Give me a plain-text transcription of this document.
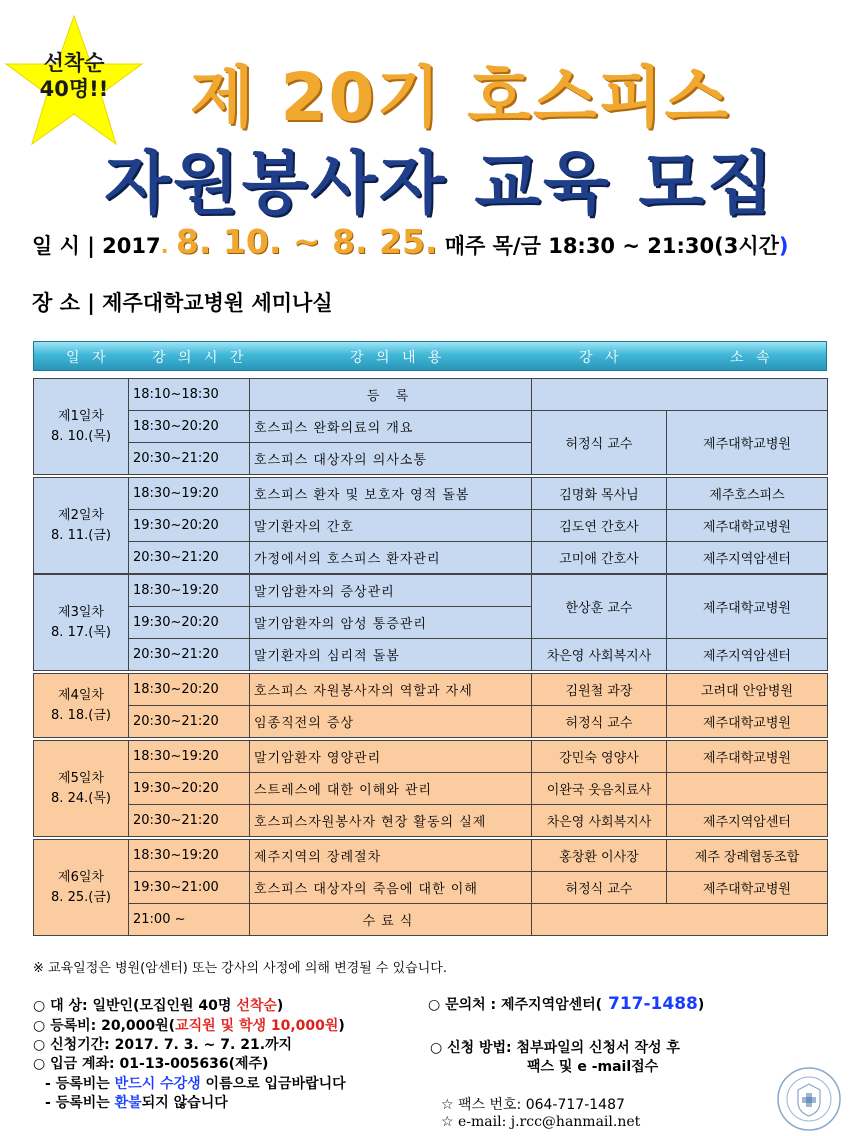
선착순
40명!!	제 20기 호스피스
자원봉사자 교육 모집
일 시 | 2017. 8. 10. ~ 8. 25. 매주 목/금 18:30 ~ 21:30(3시간)
장 소 | 제주대학교병원 세미나실
일 자	강 의 시 간	강 의 내 용	강 사	소 속
제1일차
8. 10.(목)	18:10~18:30	등 록		
	18:30~20:20	호스피스 완화의료의 개요	허정식 교수	제주대학교병원
	20:30~21:20	호스피스 대상자의 의사소통		
제2일차
8. 11.(금)	18:30~19:20	호스피스 환자 및 보호자 영적 돌봄	김명화 목사님	제주호스피스
	19:30~20:20	말기환자의 간호	김도연 간호사	제주대학교병원
	20:30~21:20	가정에서의 호스피스 환자관리	고미애 간호사	제주지역암센터
제3일차
8. 17.(목)	18:30~19:20	말기암환자의 증상관리	한상훈 교수	제주대학교병원
	19:30~20:20	말기암환자의 암성 통증관리		
	20:30~21:20	말기환자의 심리적 돌봄	차은영 사회복지사	제주지역암센터
제4일차
8. 18.(금)	18:30~20:20	호스피스 자원봉사자의 역할과 자세	김원철 과장	고려대 안암병원
	20:30~21:20	임종직전의 증상	허정식 교수	제주대학교병원
제5일차
8. 24.(목)	18:30~19:20	말기암환자 영양관리	강민숙 영양사	제주대학교병원
	19:30~20:20	스트레스에 대한 이해와 관리	이완국 웃음치료사	
	20:30~21:20	호스피스자원봉사자 현장 활동의 실제	차은영 사회복지사	제주지역암센터
제6일차
8. 25.(금)	18:30~19:20	제주지역의 장례절차	홍창환 이사장	제주 장례협동조합
	19:30~21:00	호스피스 대상자의 죽음에 대한 이해	허정식 교수	제주대학교병원
	21:00 ~	수료식		
※ 교육일정은 병원(암센터) 또는 강사의 사정에 의해 변경될 수 있습니다.
○ 대 상: 일반인(모집인원 40명 선착순)
○ 등록비: 20,000원(교직원 및 학생 10,000원)
○ 신청기간: 2017. 7. 3. ~ 7. 21.까지
○ 입금 계좌: 01-13-005636(제주)
- 등록비는 반드시 수강생 이름으로 입금바랍니다
- 등록비는 환불되지 않습니다
○ 문의처 : 제주지역암센터( 717-1488)
○ 신청 방법: 첨부파일의 신청서 작성 후
팩스 및 e -mail접수
☆ 팩스 번호: 064-717-1487
☆ e-mail: j.rcc@hanmail.net
